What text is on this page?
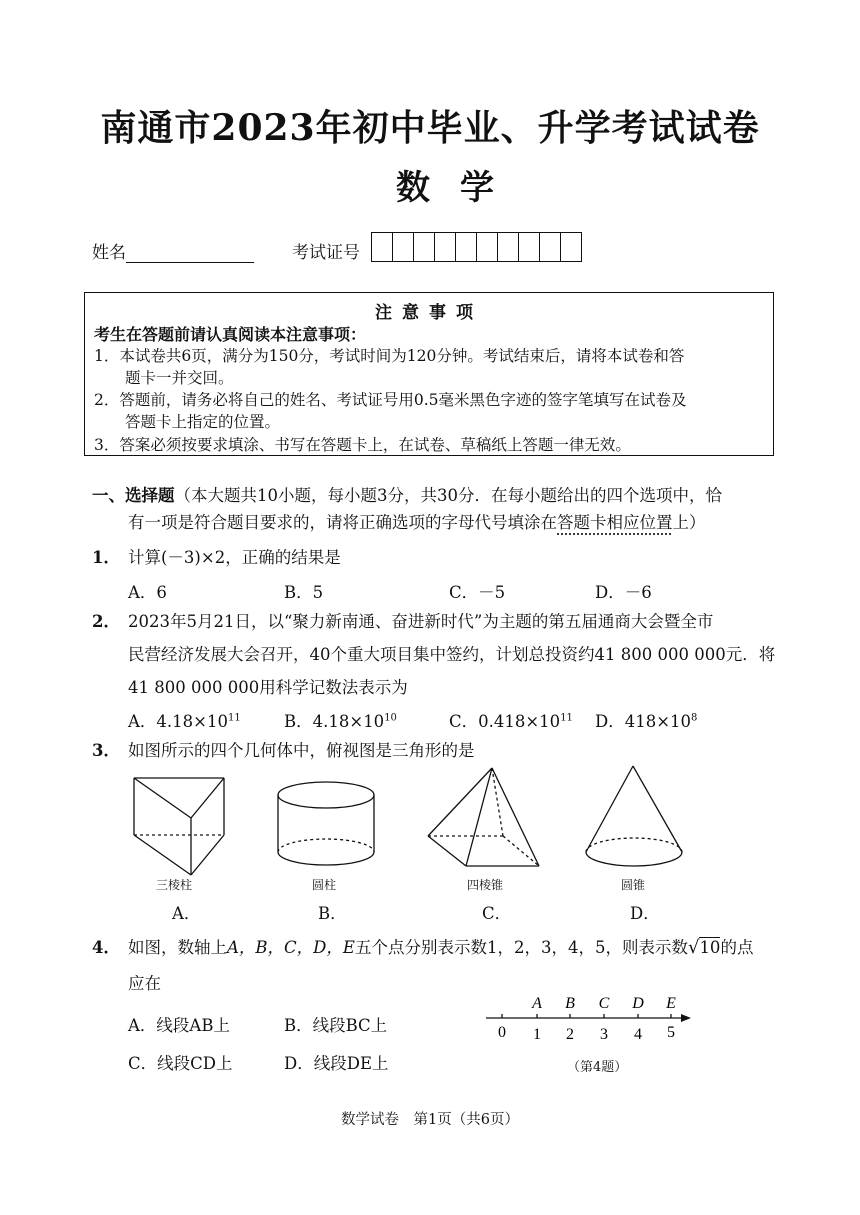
南通市2023年初中毕业、升学考试试卷
数学
姓名	考试证号
注意事项
考生在答题前请认真阅读本注意事项：
1．本试卷共6页，满分为150分，考试时间为120分钟。考试结束后，请将本试卷和答
　　题卡一并交回。
2．答题前，请务必将自己的姓名、考试证号用0.5毫米黑色字迹的签字笔填写在试卷及
　　答题卡上指定的位置。
3．答案必须按要求填涂、书写在答题卡上，在试卷、草稿纸上答题一律无效。
一、选择题（本大题共10小题，每小题3分，共30分．在每小题给出的四个选项中，恰
有一项是符合题目要求的，请将正确选项的字母代号填涂在答题卡相应位置上）
1． 计算(－3)×2，正确的结果是
A．6	B．5	C．－5	D．－6
2． 2023年5月21日，以“聚力新南通、奋进新时代”为主题的第五届通商大会暨全市
民营经济发展大会召开，40个重大项目集中签约，计划总投资约41 800 000 000元．将
41 800 000 000用科学记数法表示为
A．$4.18\times 10^{11}$	B．$4.18\times 10^{10}$	C．$0.418\times 10^{11}$ D．$418\times 10^8$
3． 如图所示的四个几何体中，俯视图是三角形的是
三棱柱	圆柱	四棱锥	圆锥
A．	B．	C．	D．
4． 如图，数轴上A，B，C，D，E五个点分别表示数1，2，3，4，5，则表示数√10的点
应在
A．线段AB上	B．线段BC上
C．线段CD上	D．线段DE上
A B C D E
0 1 2 3 4 5
（第4题）
数学试卷　第1页（共6页）
